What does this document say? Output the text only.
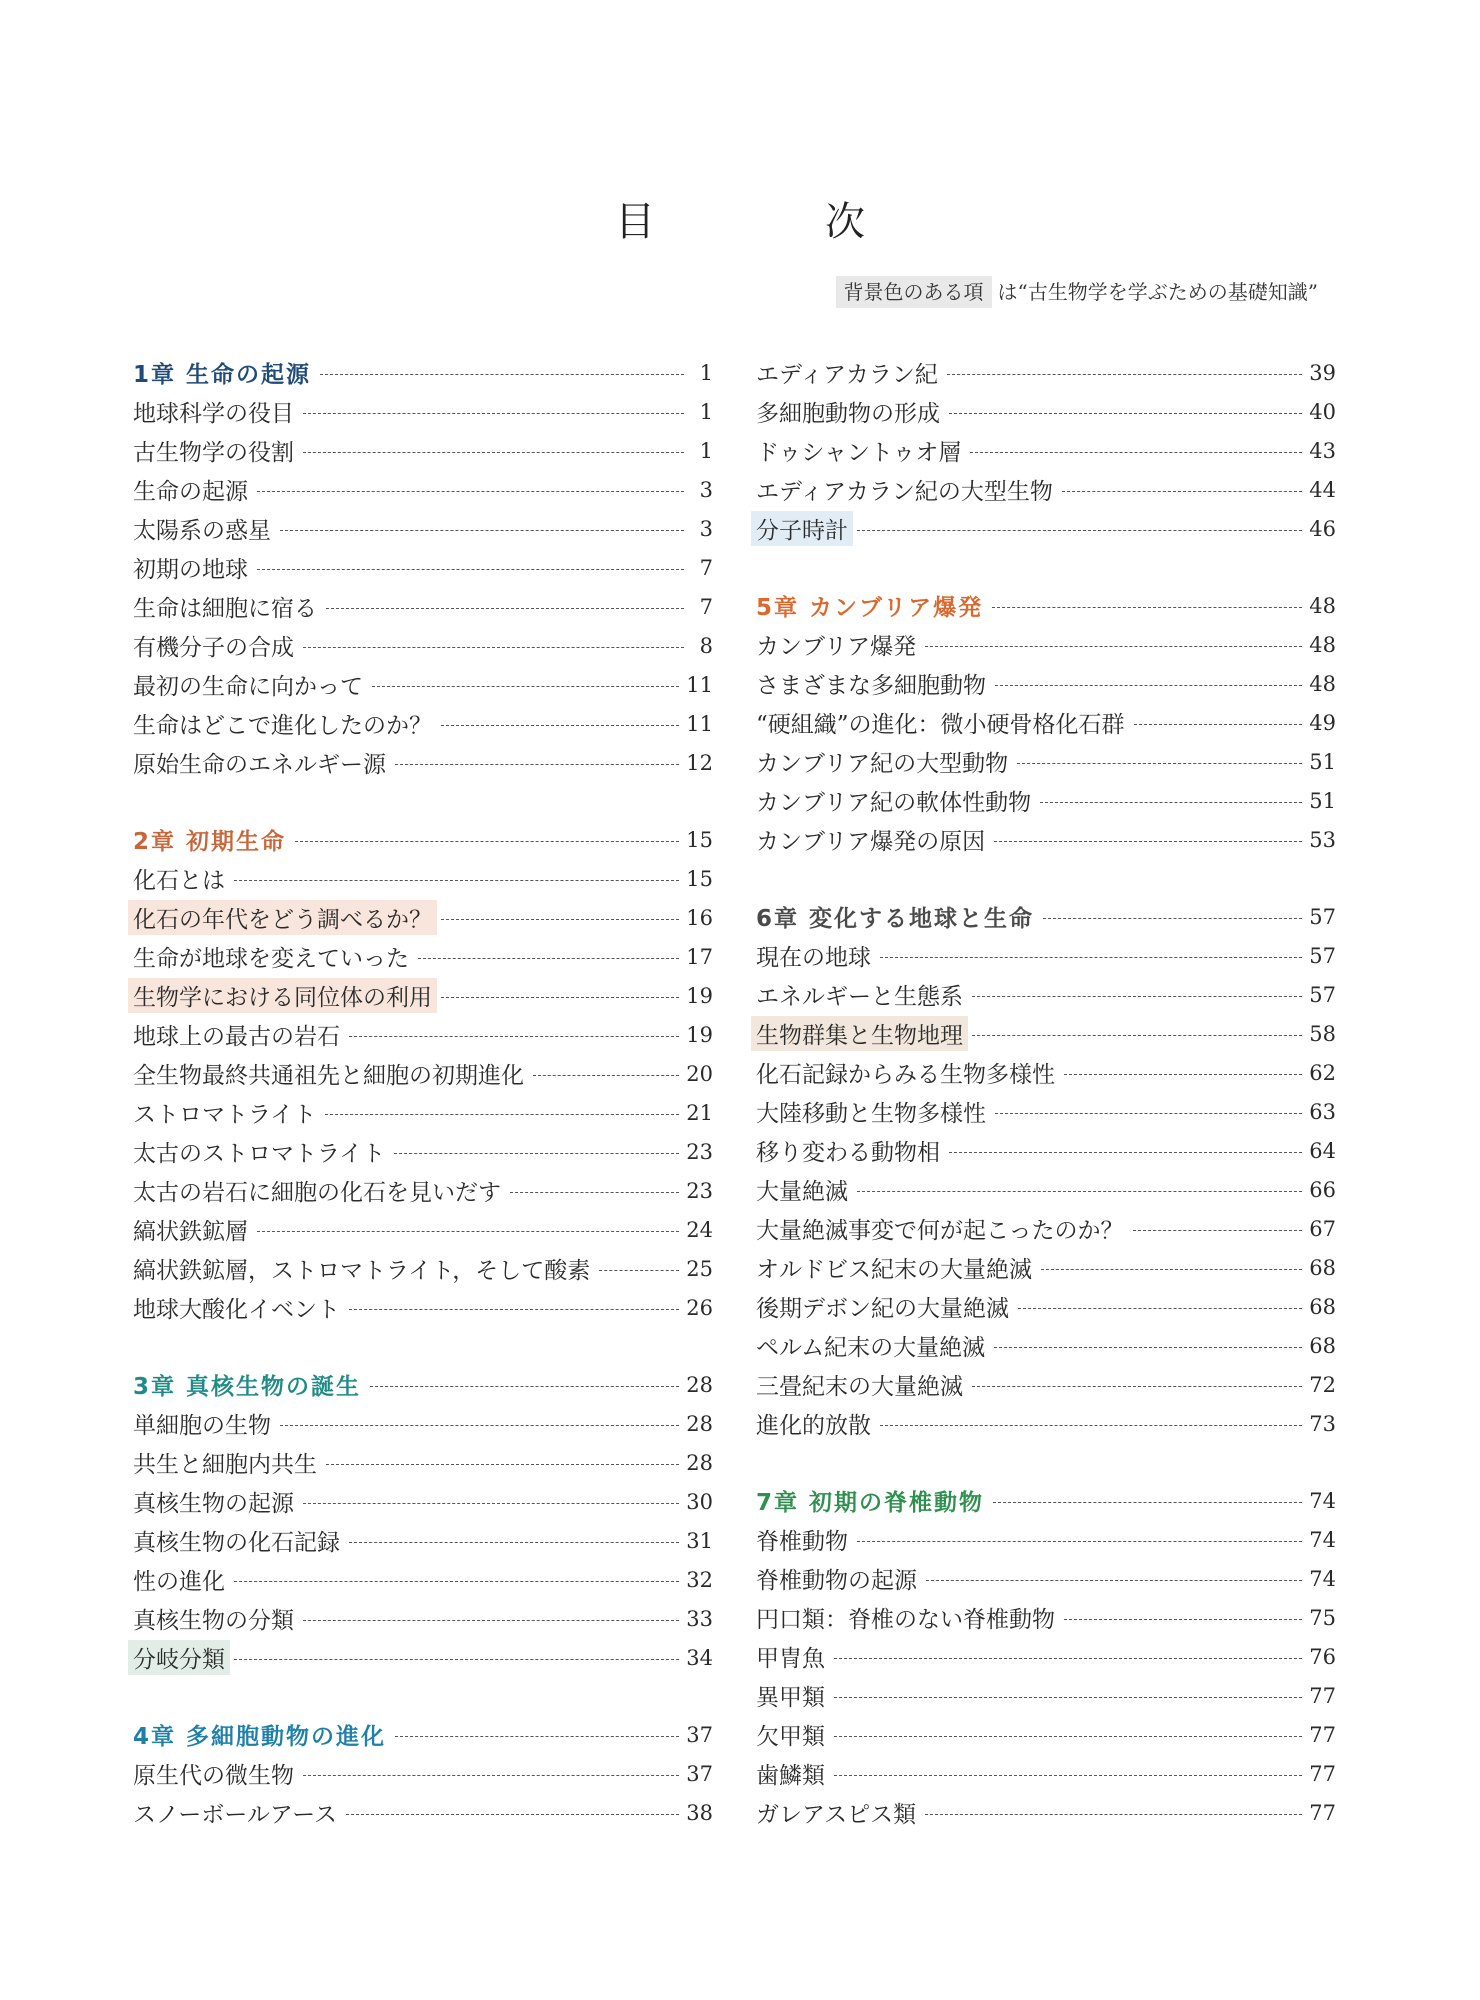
目次
背景色のある項 は“古生物学を学ぶための基礎知識”
1章 生命の起源	1
地球科学の役目	1
古生物学の役割	1
生命の起源	3
太陽系の惑星	3
初期の地球	7
生命は細胞に宿る	7
有機分子の合成	8
最初の生命に向かって	11
生命はどこで進化したのか？	11
原始生命のエネルギー源	12
2章 初期生命	15
化石とは	15
化石の年代をどう調べるか？	16
生命が地球を変えていった	17
生物学における同位体の利用	19
地球上の最古の岩石	19
全生物最終共通祖先と細胞の初期進化	20
ストロマトライト	21
太古のストロマトライト	23
太古の岩石に細胞の化石を見いだす	23
縞状鉄鉱層	24
縞状鉄鉱層，ストロマトライト，そして酸素	25
地球大酸化イベント	26
3章 真核生物の誕生	28
単細胞の生物	28
共生と細胞内共生	28
真核生物の起源	30
真核生物の化石記録	31
性の進化	32
真核生物の分類	33
分岐分類	34
4章 多細胞動物の進化	37
原生代の微生物	37
スノーボールアース	38
エディアカラン紀	39
多細胞動物の形成	40
ドゥシャントゥオ層	43
エディアカラン紀の大型生物	44
分子時計	46
5章 カンブリア爆発	48
カンブリア爆発	48
さまざまな多細胞動物	48
“硬組織”の進化：微小硬骨格化石群	49
カンブリア紀の大型動物	51
カンブリア紀の軟体性動物	51
カンブリア爆発の原因	53
6章 変化する地球と生命	57
現在の地球	57
エネルギーと生態系	57
生物群集と生物地理	58
化石記録からみる生物多様性	62
大陸移動と生物多様性	63
移り変わる動物相	64
大量絶滅	66
大量絶滅事変で何が起こったのか？	67
オルドビス紀末の大量絶滅	68
後期デボン紀の大量絶滅	68
ペルム紀末の大量絶滅	68
三畳紀末の大量絶滅	72
進化的放散	73
7章 初期の脊椎動物	74
脊椎動物	74
脊椎動物の起源	74
円口類：脊椎のない脊椎動物	75
甲冑魚	76
異甲類	77
欠甲類	77
歯鱗類	77
ガレアスピス類	77
